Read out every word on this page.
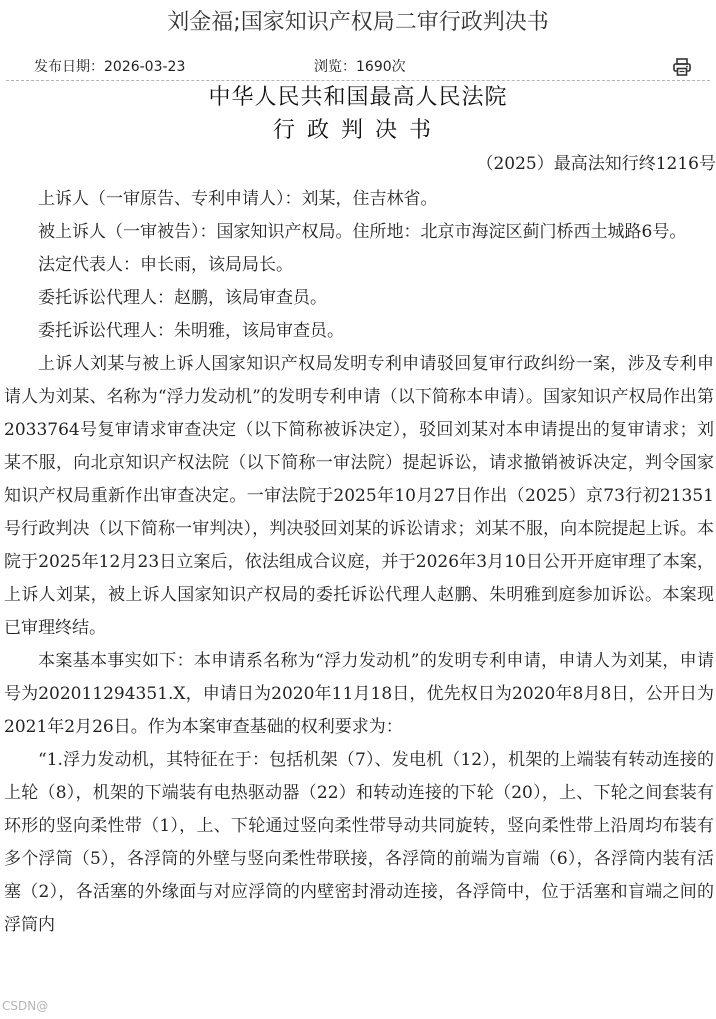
刘金福;国家知识产权局二审行政判决书
发布日期：2026-03-23	浏览：1690次
中华人民共和国最高人民法院
行政判决书
（2025）最高法知行终1216号

上诉人（一审原告、专利申请人）：刘某，住吉林省。

被上诉人（一审被告）：国家知识产权局。住所地：北京市海淀区蓟门桥西土城路6号。

法定代表人：申长雨，该局局长。

委托诉讼代理人：赵鹏，该局审查员。

委托诉讼代理人：朱明雅，该局审查员。

上诉人刘某与被上诉人国家知识产权局发明专利申请驳回复审行政纠纷一案，涉及专利申请人为刘某、名称为“浮力发动机”的发明专利申请（以下简称本申请）。国家知识产权局作出第2033764号复审请求审查决定（以下简称被诉决定），驳回刘某对本申请提出的复审请求；刘某不服，向北京知识产权法院（以下简称一审法院）提起诉讼，请求撤销被诉决定，判令国家知识产权局重新作出审查决定。一审法院于2025年10月27日作出（2025）京73行初21351号行政判决（以下简称一审判决），判决驳回刘某的诉讼请求；刘某不服，向本院提起上诉。本院于2025年12月23日立案后，依法组成合议庭，并于2026年3月10日公开开庭审理了本案，上诉人刘某，被上诉人国家知识产权局的委托诉讼代理人赵鹏、朱明雅到庭参加诉讼。本案现已审理终结。

本案基本事实如下：本申请系名称为“浮力发动机”的发明专利申请，申请人为刘某，申请号为202011294351.X，申请日为2020年11月18日，优先权日为2020年8月8日，公开日为2021年2月26日。作为本案审查基础的权利要求为：

“1.浮力发动机，其特征在于：包括机架（7）、发电机（12），机架的上端装有转动连接的上轮（8），机架的下端装有电热驱动器（22）和转动连接的下轮（20），上、下轮之间套装有环形的竖向柔性带（1），上、下轮通过竖向柔性带导动共同旋转，竖向柔性带上沿周均布装有多个浮筒（5），各浮筒的外壁与竖向柔性带联接，各浮筒的前端为盲端（6），各浮筒内装有活塞（2），各活塞的外缘面与对应浮筒的内壁密封滑动连接，各浮筒中，位于活塞和盲端之间的浮筒内

CSDN@
